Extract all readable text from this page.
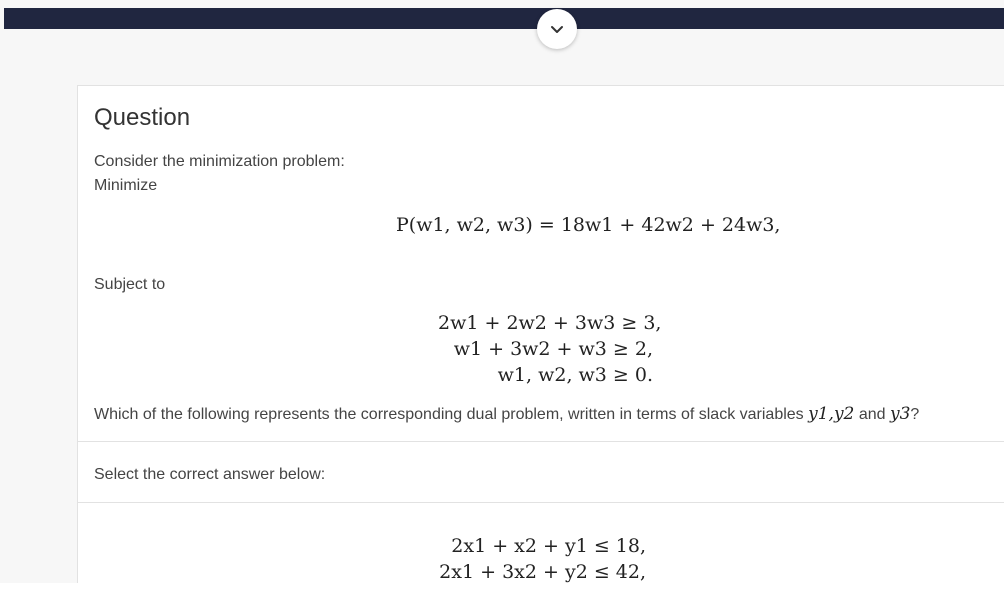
Question
Consider the minimization problem:
Minimize
P(w1, w2, w3) = 18w1 + 42w2 + 24w3,
Subject to
2w1 + 2w2 + 3w3 ≥ 3,
w1 + 3w2 + w3 ≥ 2,
w1, w2, w3 ≥ 0.
Which of the following represents the corresponding dual problem, written in terms of slack variables y1,y2 and y3?
Select the correct answer below:
2x1 + x2 + y1 ≤ 18,
2x1 + 3x2 + y2 ≤ 42,
